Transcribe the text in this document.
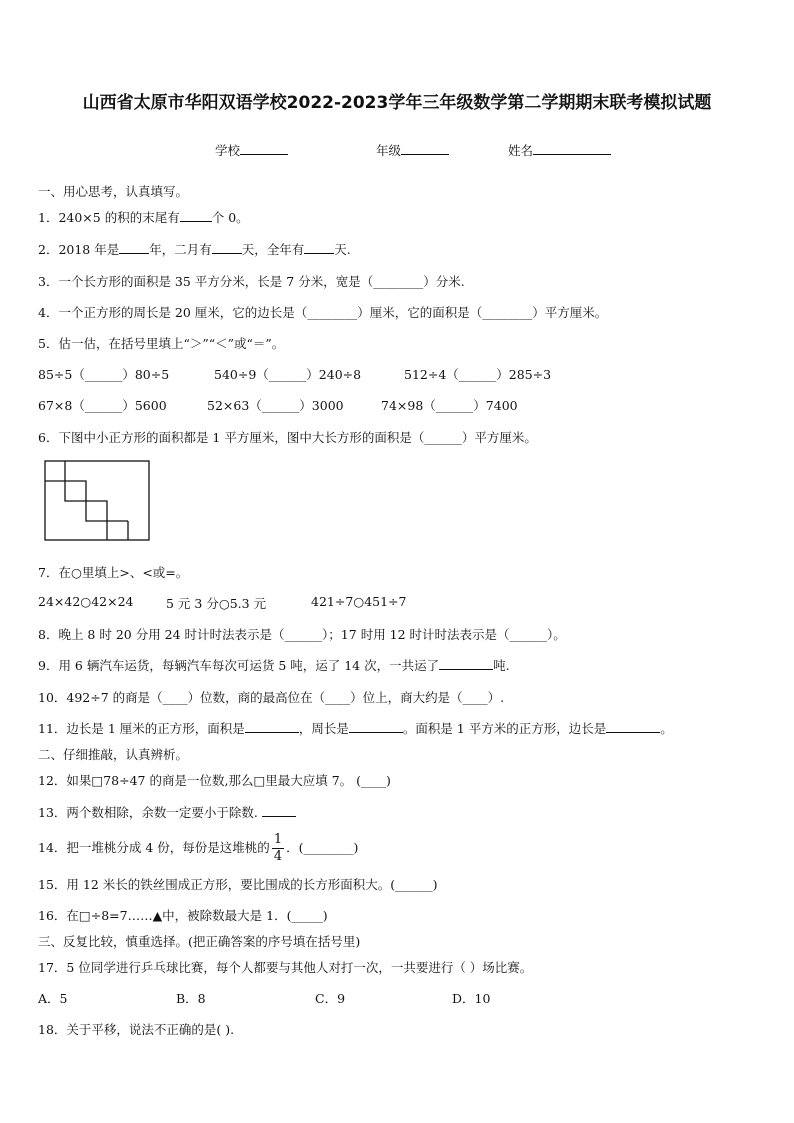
山西省太原市华阳双语学校2022-2023学年三年级数学第二学期期末联考模拟试题
学校	年级	姓名
一、用心思考，认真填写。
1．240×5 的积的末尾有	个 0。
2．2018 年是 年，二月有 天，全年有 天.
3．一个长方形的面积是 35 平方分米，长是 7 分米，宽是（________）分米.
4．一个正方形的周长是 20 厘米，它的边长是（________）厘米，它的面积是（________）平方厘米。
5．估一估，在括号里填上“＞”“＜”或“＝”。
85÷5（______）80÷5	540÷9（______）240÷8	512÷4（______）285÷3
67×8（______）5600	52×63（______）3000	74×98（______）7400
6．下图中小正方形的面积都是 1 平方厘米，图中大长方形的面积是（______）平方厘米。
7．在○里填上>、<或=。
24×42○42×24	5 元 3 分○5.3 元	421÷7○451÷7
8．晚上 8 时 20 分用 24 时计时法表示是（______）；17 时用 12 时计时法表示是（______）。
9．用 6 辆汽车运货，每辆汽车每次可运货 5 吨，运了 14 次，一共运了	吨.
10．492÷7 的商是（____）位数，商的最高位在（____）位上，商大约是（____）.
11．边长是 1 厘米的正方形，面积是	，周长是	。面积是 1 平方米的正方形，边长是	。
二、仔细推敲，认真辨析。
12．如果□78÷47 的商是一位数,那么□里最大应填 7。 (____)
13．两个数相除，余数一定要小于除数.
14．把一堆桃分成 4 份，每份是这堆桃的 $\frac{1}{4}$ ．(________)
15．用 12 米长的铁丝围成正方形，要比围成的长方形面积大。(______)
16．在□÷8=7……▲中，被除数最大是 1．(_____)
三、反复比较，慎重选择。(把正确答案的序号填在括号里)
17．5 位同学进行乒乓球比赛，每个人都要与其他人对打一次，一共要进行（ ）场比赛。
A．5	B．8	C．9	D．10
18．关于平移，说法不正确的是( ).
